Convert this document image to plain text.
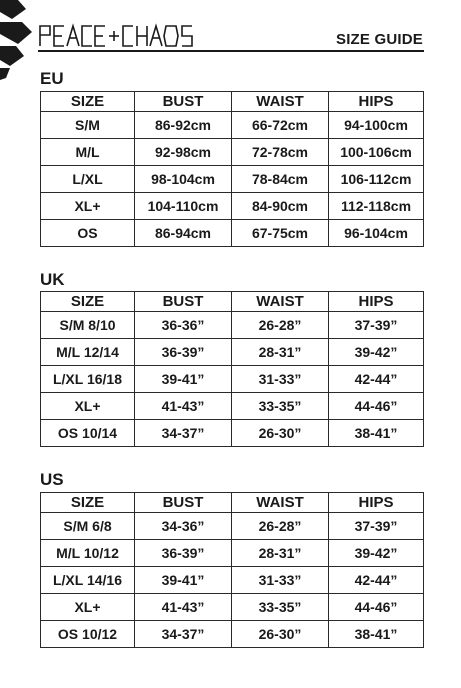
SIZE GUIDE
EU
SIZE	BUST	WAIST	HIPS
S/M	86-92cm	66-72cm	94-100cm
M/L	92-98cm	72-78cm	100-106cm
L/XL	98-104cm	78-84cm	106-112cm
XL+	104-110cm	84-90cm	112-118cm
OS	86-94cm	67-75cm	96-104cm
UK
SIZE	BUST	WAIST	HIPS
S/M 8/10	36-36”	26-28”	37-39”
M/L 12/14	36-39”	28-31”	39-42”
L/XL 16/18	39-41”	31-33”	42-44”
XL+	41-43”	33-35”	44-46”
OS 10/14	34-37”	26-30”	38-41”
US
SIZE	BUST	WAIST	HIPS
S/M 6/8	34-36”	26-28”	37-39”
M/L 10/12	36-39”	28-31”	39-42”
L/XL 14/16	39-41”	31-33”	42-44”
XL+	41-43”	33-35”	44-46”
OS 10/12	34-37”	26-30”	38-41”
